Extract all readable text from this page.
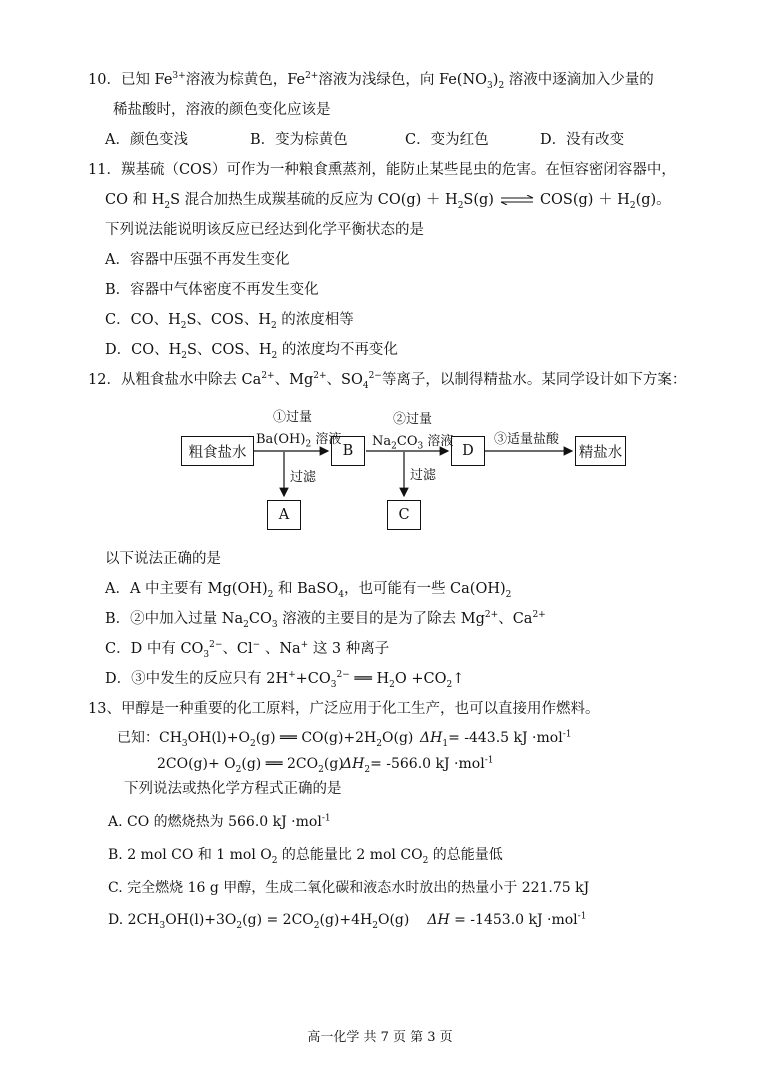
10．已知 $Fe^{3+}$溶液为棕黄色，$Fe^{2+}$溶液为浅绿色，向 $Fe(NO_3)_2$ 溶液中逐滴加入少量的
稀盐酸时，溶液的颜色变化应该是
A．颜色变浅	B．变为棕黄色	C．变为红色	D．没有改变
11．羰基硫（COS）可作为一种粮食熏蒸剂，能防止某些昆虫的危害。在恒容密闭容器中，
CO 和 $H_2S$ 混合加热生成羰基硫的反应为 $CO(g) + H_2S(g)$ ⇌ $COS(g) + H_2(g)$。
下列说法能说明该反应已经达到化学平衡状态的是
A．容器中压强不再发生变化
B．容器中气体密度不再发生变化
C．CO、$H_2S$、COS、$H_2$ 的浓度相等
D．CO、$H_2S$、COS、$H_2$ 的浓度均不再变化
12．从粗食盐水中除去 $Ca^{2+}$、$Mg^{2+}$、$SO_4^{2-}$等离子，以制得精盐水。某同学设计如下方案：
粗食盐水	B	D	精盐水
A	C
①过量
$Ba(OH)_2$ 溶液
②过量
$Na_2CO_3$ 溶液	③适量盐酸
过滤	过滤
以下说法正确的是
A．A 中主要有 $Mg(OH)_2$ 和 BaSO$_4$，也可能有一些 $Ca(OH)_2$
B．②中加入过量 $Na_2CO_3$ 溶液的主要目的是为了除去 $Mg^{2+}$、$Ca^{2+}$
C．D 中有 $CO_3^{2-}$、Cl− 、Na+ 这 3 种离子
D．③中发生的反应只有 $2H^++CO_3^{2-}$ ══ $H_2O$ $+CO_2↑$
13、甲醇是一种重要的化工原料，广泛应用于化工生产，也可以直接用作燃料。
已知：$CH_3OH(l)+O_2(g)$ ══ $CO(g)+2H_2O(g)$ $\Delta H_1= -443.5$ kJ ·mol$^{-1}$
$2CO(g)+ O_2(g)$ ══ $2CO_2(g)$
$\Delta H_2= -566.0$ kJ ·mol$^{-1}$
下列说法或热化学方程式正确的是
A. CO 的燃烧热为 566.0 kJ ·mol$^{-1}$
B. 2 mol CO 和 1 mol $O_2$ 的总能量比 2 mol $CO_2$ 的总能量低
C. 完全燃烧 16 g 甲醇，生成二氧化碳和液态水时放出的热量小于 221.75 kJ
D. $2CH_3OH(l)+3O_2(g) = 2CO_2(g)+4H_2O(g) \Delta H = -1453.0$ kJ ·mol$^{-1}$
高一化学 共 7 页 第 3 页
